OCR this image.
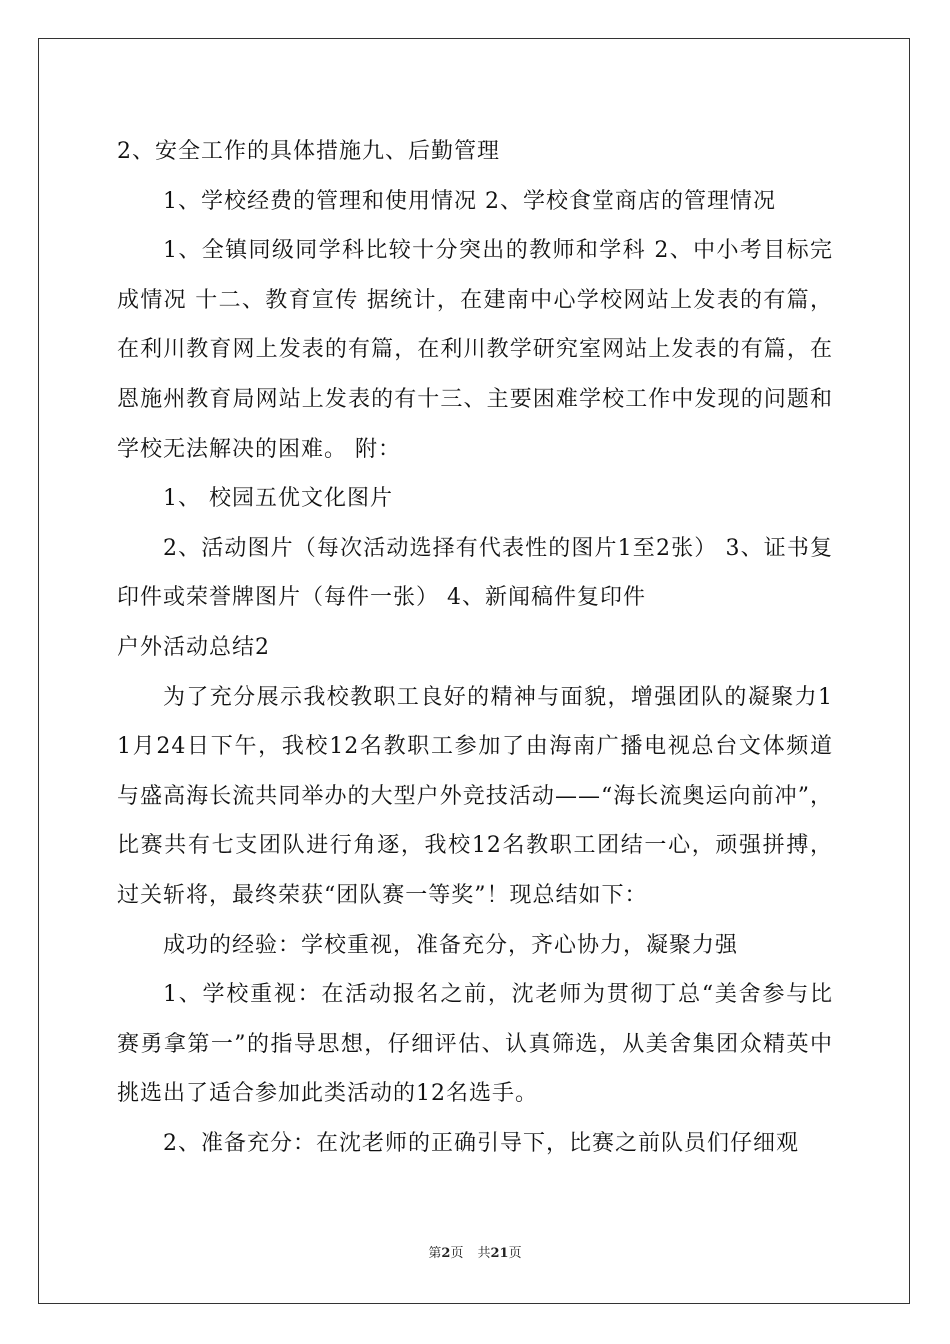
2、安全工作的具体措施九、后勤管理

1、学校经费的管理和使用情况 2、学校食堂商店的管理情况

1、全镇同级同学科比较十分突出的教师和学科 2、中小考目标完成情况 十二、教育宣传 据统计，在建南中心学校网站上发表的有篇，在利川教育网上发表的有篇，在利川教学研究室网站上发表的有篇，在恩施州教育局网站上发表的有十三、主要困难学校工作中发现的问题和学校无法解决的困难。 附：

1、 校园五优文化图片

2、活动图片（每次活动选择有代表性的图片1至2张） 3、证书复印件或荣誉牌图片（每件一张） 4、新闻稿件复印件

户外活动总结2

为了充分展示我校教职工良好的精神与面貌，增强团队的凝聚力11月24日下午，我校12名教职工参加了由海南广播电视总台文体频道与盛高海长流共同举办的大型户外竞技活动——“海长流奥运向前冲”，比赛共有七支团队进行角逐，我校12名教职工团结一心，顽强拼搏，过关斩将，最终荣获“团队赛一等奖”！现总结如下：

成功的经验：学校重视，准备充分，齐心协力，凝聚力强

1、学校重视：在活动报名之前，沈老师为贯彻丁总“美舍参与比赛勇拿第一”的指导思想，仔细评估、认真筛选，从美舍集团众精英中挑选出了适合参加此类活动的12名选手。

2、准备充分：在沈老师的正确引导下，比赛之前队员们仔细观

第2页 共21页
